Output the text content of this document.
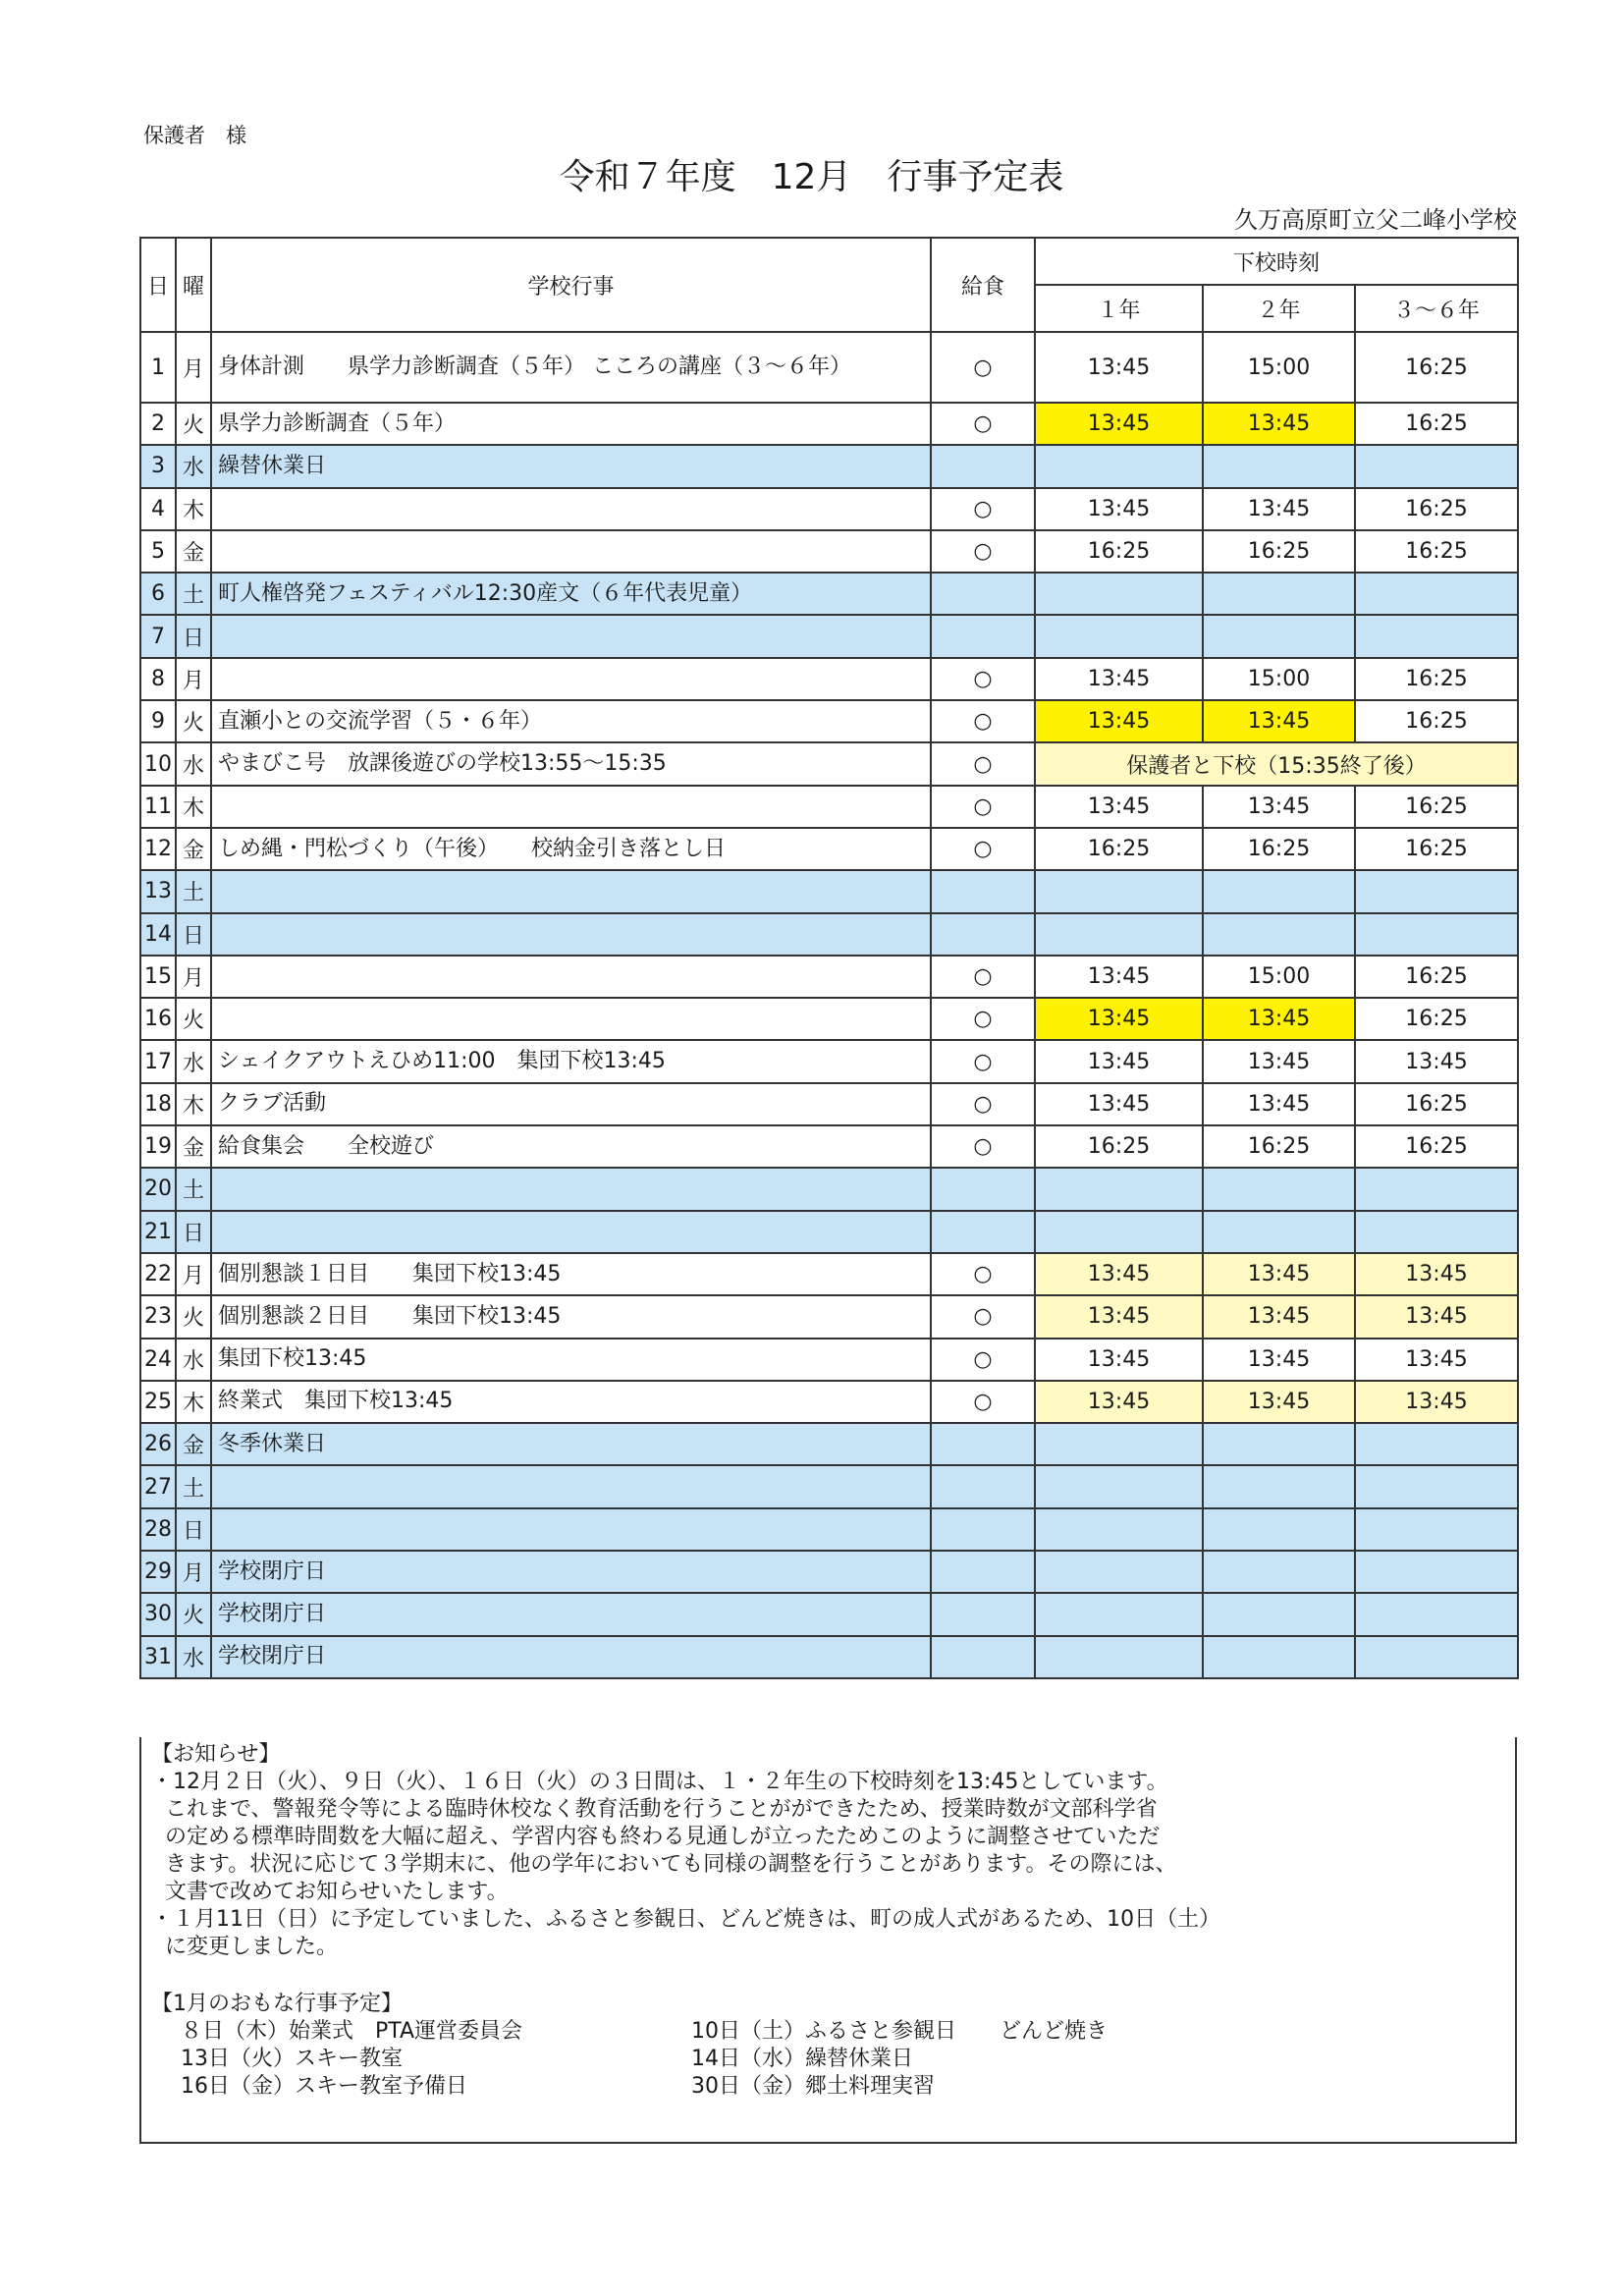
保護者　様
令和７年度　12月　行事予定表
久万高原町立父二峰小学校
日	曜	学校行事	給食	下校時刻		
				１年	２年	３～６年
1	月	身体計測　　県学力診断調査（５年） こころの講座（３～６年）	○	13:45	15:00	16:25
2	火	県学力診断調査（５年）	○	13:45	13:45	16:25
3	水	繰替休業日				
4	木		○	13:45	13:45	16:25
5	金		○	16:25	16:25	16:25
6	土	町人権啓発フェスティバル12:30産文（６年代表児童）				
7	日					
8	月		○	13:45	15:00	16:25
9	火	直瀬小との交流学習（５・６年）	○	13:45	13:45	16:25
10	水	やまびこ号　放課後遊びの学校13:55～15:35	○	保護者と下校（15:35終了後）		
11	木		○	13:45	13:45	16:25
12	金	しめ縄・門松づくり（午後）　　校納金引き落とし日	○	16:25	16:25	16:25
13	土					
14	日					
15	月		○	13:45	15:00	16:25
16	火		○	13:45	13:45	16:25
17	水	シェイクアウトえひめ11:00　集団下校13:45	○	13:45	13:45	13:45
18	木	クラブ活動	○	13:45	13:45	16:25
19	金	給食集会　　全校遊び	○	16:25	16:25	16:25
20	土					
21	日					
22	月	個別懇談１日目　　集団下校13:45	○	13:45	13:45	13:45
23	火	個別懇談２日目　　集団下校13:45	○	13:45	13:45	13:45
24	水	集団下校13:45	○	13:45	13:45	13:45
25	木	終業式　集団下校13:45	○	13:45	13:45	13:45
26	金	冬季休業日				
27	土					
28	日					
29	月	学校閉庁日				
30	火	学校閉庁日				
31	水	学校閉庁日				

【お知らせ】

・12月２日（火）、９日（火）、１６日（火）の３日間は、１・２年生の下校時刻を13:45としています。
これまで、警報発令等による臨時休校なく教育活動を行うことがができたため、授業時数が文部科学省
の定める標準時間数を大幅に超え、学習内容も終わる見通しが立ったためこのように調整させていただ
きます。状況に応じて３学期末に、他の学年においても同様の調整を行うことがあります。その際には、
文書で改めてお知らせいたします。

・１月11日（日）に予定していました、ふるさと参観日、どんど焼きは、町の成人式があるため、10日（土）
に変更しました。

【1月のおもな行事予定】

８日（木）始業式　PTA運営委員会	10日（土）ふるさと参観日　　どんど焼き
13日（火）スキー教室	14日（水）繰替休業日
16日（金）スキー教室予備日	30日（金）郷土料理実習
